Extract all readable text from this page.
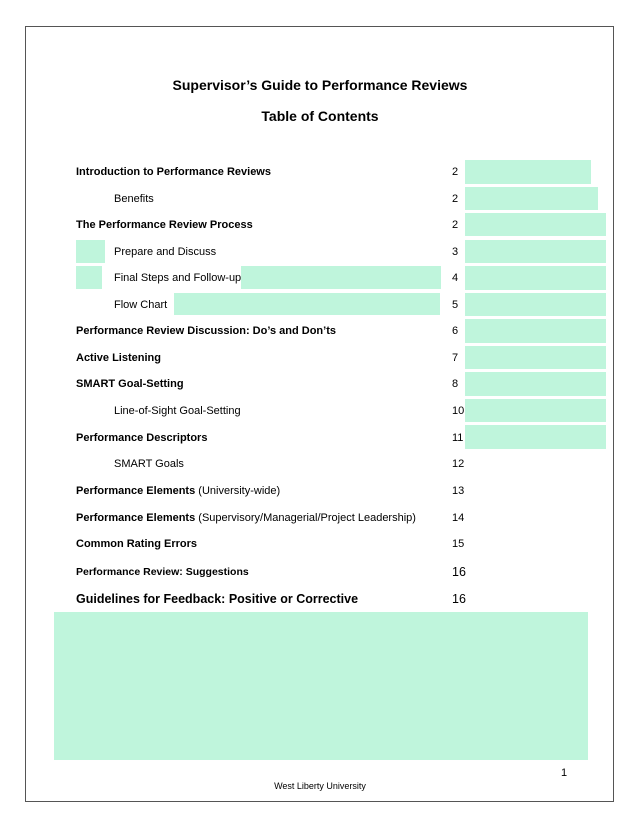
Supervisor’s Guide to Performance Reviews
Table of Contents
Introduction to Performance Reviews	2
Benefits	2
The Performance Review Process	2
Prepare and Discuss	3
Final Steps and Follow-up	4
Flow Chart	5
Performance Review Discussion: Do’s and Don’ts	6
Active Listening	7
SMART Goal-Setting	8
Line-of-Sight Goal-Setting	10
Performance Descriptors	11
SMART Goals	12
Performance Elements (University-wide)	13
Performance Elements (Supervisory/Managerial/Project Leadership)	14
Common Rating Errors	15
Performance Review: Suggestions	16
Guidelines for Feedback: Positive or Corrective	16
1
West Liberty University
